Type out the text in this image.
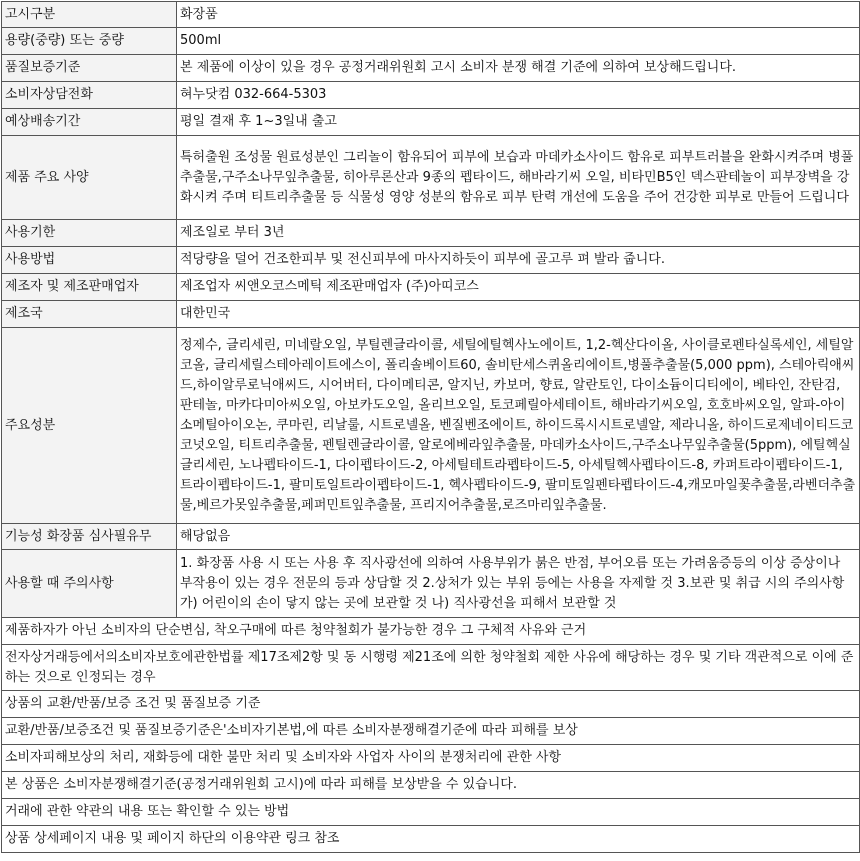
고시구분	화장품
용량(중량) 또는 중량	500ml
품질보증기준	본 제품에 이상이 있을 경우 공정거래위원회 고시 소비자 분쟁 해결 기준에 의하여 보상해드립니다.
소비자상담전화	혀누닷컴 032-664-5303
예상배송기간	평일 결재 후 1~3일내 출고
제품 주요 사양	특허출원 조성물 원료성분인 그리놀이 함유되어 피부에 보습과 마데카소사이드 함유로 피부트러블을 완화시켜주며 병풀추출물,구주소나무잎추출물, 히아루론산과 9종의 펩타이드, 해바라기씨 오일, 비타민B5인 덱스판테놀이 피부장벽을 강화시켜 주며 티트리추출물 등 식물성 영양 성분의 함유로 피부 탄력 개선에 도움을 주어 건강한 피부로 만들어 드립니다
사용기한	제조일로 부터 3년
사용방법	적당량을 덜어 건조한피부 및 전신피부에 마사지하듯이 피부에 골고루 펴 발라 줍니다.
제조자 및 제조판매업자	제조업자 씨앤오코스메틱 제조판매업자 (주)아띠코스
제조국	대한민국
주요성분	정제수, 글리세린, 미네랄오일, 부틸렌글라이콜, 세틸에틸헥사노에이트, 1,2-헥산다이올, 사이클로펜타실록세인, 세틸알코올, 글리세릴스테아레이트에스이, 폴리솔베이트60, 솔비탄세스퀴올리에이트,병풀추출물(5,000 ppm), 스테아릭애씨드,하이알루로닉애씨드, 시어버터, 다이메티콘, 알지닌, 카보머, 향료, 알란토인, 다이소듐이디티에이, 베타인, 잔탄검, 판테놀, 마카다미아씨오일, 아보카도오일, 올리브오일, 토코페릴아세테이트, 해바라기씨오일, 호호바씨오일, 알파-아이소메틸아이오논, 쿠마린, 리날룰, 시트로넬올, 벤질벤조에이트, 하이드록시시트로넬알, 제라니올, 하이드로제네이티드코코넛오일, 티트리추출물, 펜틸렌글라이콜, 알로에베라잎추출물, 마데카소사이드,구주소나무잎추출물(5ppm), 에틸헥실글리세린, 노나펩타이드-1, 다이펩타이드-2, 아세틸테트라펩타이드-5, 아세틸헥사펩타이드-8, 카퍼트라이펩타이드-1, 트라이펩타이드-1, 팔미토일트라이펩타이드-1, 헥사펩타이드-9, 팔미토일펜타펩타이드-4,캐모마일꽃추출물,라벤더추출물,베르가못잎추출물,페퍼민트잎추출물, 프리지어추출물,로즈마리잎추출물.
기능성 화장품 심사필유무	해당없음
사용할 때 주의사항	1. 화장품 사용 시 또는 사용 후 직사광선에 의하여 사용부위가 붉은 반점, 부어오름 또는 가려움증등의 이상 증상이나 부작용이 있는 경우 전문의 등과 상담할 것 2.상처가 있는 부위 등에는 사용을 자제할 것 3.보관 및 취급 시의 주의사항 가) 어린이의 손이 닿지 않는 곳에 보관할 것 나) 직사광선을 피해서 보관할 것
제품하자가 아닌 소비자의 단순변심, 착오구매에 따른 청약철회가 불가능한 경우 그 구체적 사유와 근거	
전자상거래등에서의소비자보호에관한법률 제17조제2항 및 동 시행령 제21조에 의한 청약철회 제한 사유에 해당하는 경우 및 기타 객관적으로 이에 준하는 것으로 인정되는 경우	
상품의 교환/반품/보증 조건 및 품질보증 기준	
교환/반품/보증조건 및 품질보증기준은'소비자기본법,에 따른 소비자분쟁해결기준에 따라 피해를 보상	
소비자피해보상의 처리, 재화등에 대한 불만 처리 및 소비자와 사업자 사이의 분쟁처리에 관한 사항	
본 상품은 소비자분쟁해결기준(공정거래위원회 고시)에 따라 피해를 보상받을 수 있습니다.	
거래에 관한 약관의 내용 또는 확인할 수 있는 방법	
상품 상세페이지 내용 및 페이지 하단의 이용약관 링크 참조	
